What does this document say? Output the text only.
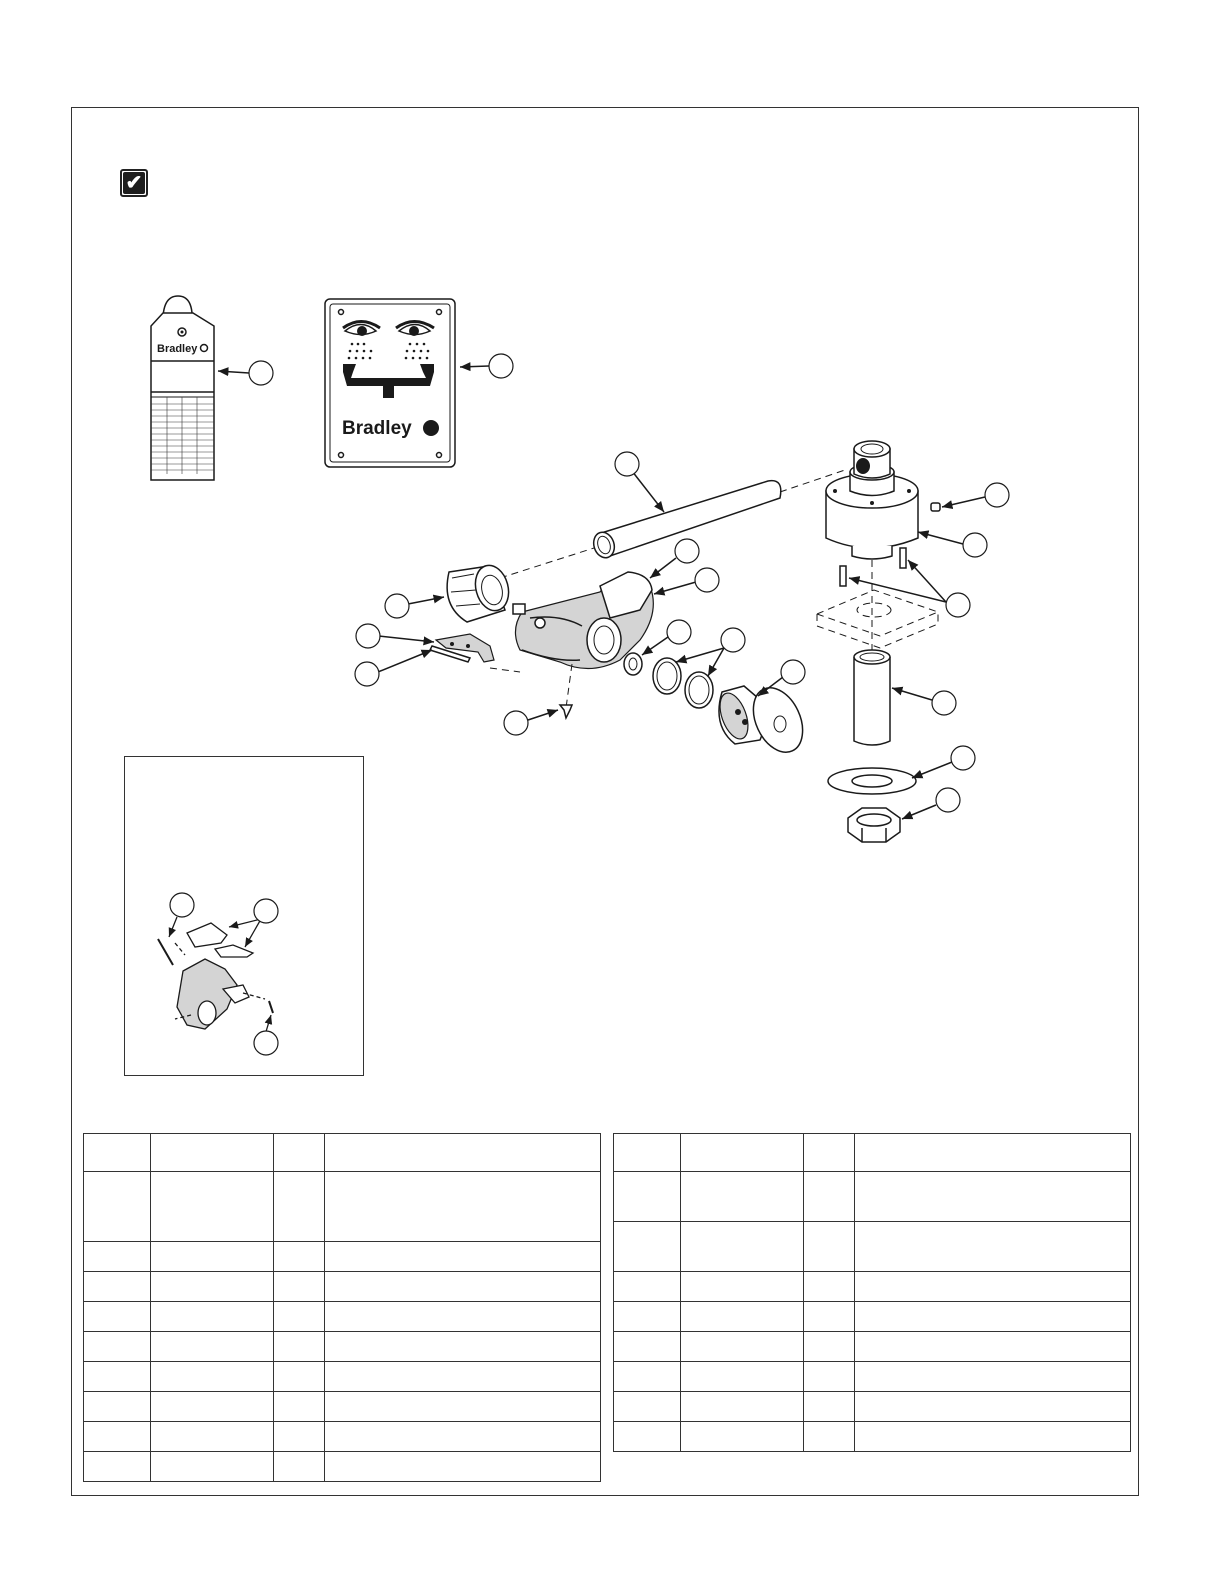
✔
Bradley
Bradley
